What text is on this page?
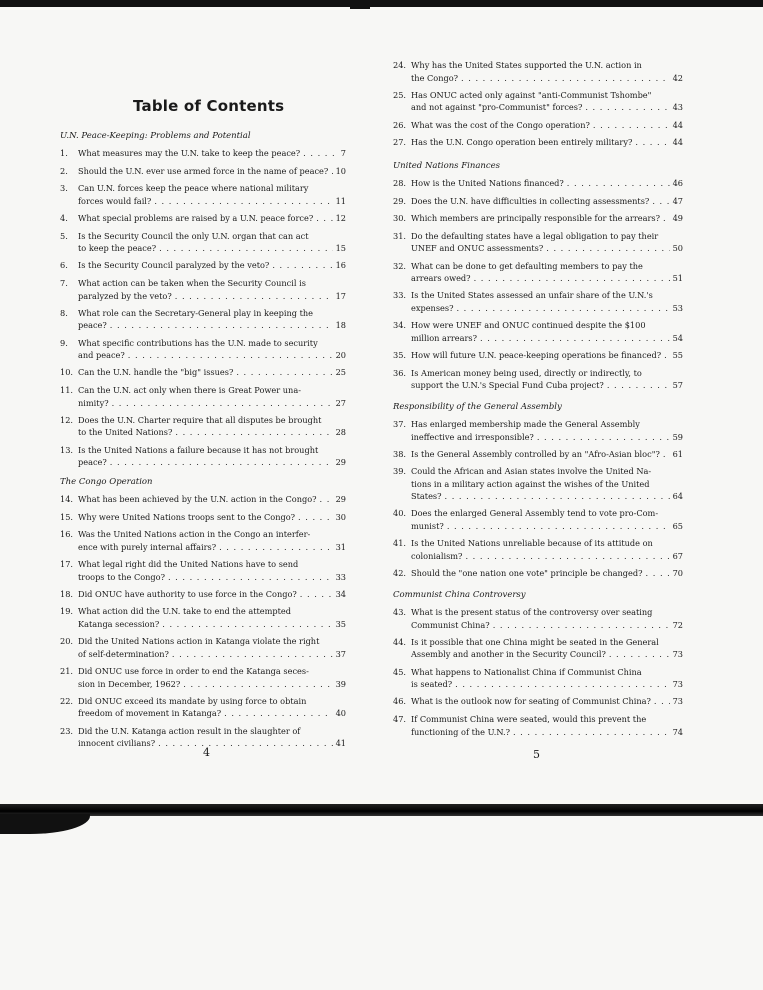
Table of Contents
U.N. Peace-Keeping: Problems and Potential
1.	What measures may the U.N. take to keep the peace? . . .	7
2.	Should the U.N. ever use armed force in the name of peace? . . . 10
3.	Can U.N. forces keep the peace where national military
forces would fail? . . .	11
4.	What special problems are raised by a U.N. peace force? . . .	12
5.	Is the Security Council the only U.N. organ that can act
to keep the peace? . . .	15
6.	Is the Security Council paralyzed by the veto? . . .	16
7.	What action can be taken when the Security Council is
paralyzed by the veto? . . .	17
8.	What role can the Secretary-General play in keeping the
peace? . . .	18
9.	What specific contributions has the U.N. made to security
and peace? . . .	20
10. Can the U.N. handle the "big" issues? . . .	25
11. Can the U.N. act only when there is Great Power una-
nimity? . . .	27
12. Does the U.N. Charter require that all disputes be brought
to the United Nations? . . .	28
13. Is the United Nations a failure because it has not brought
peace? . . .	29
The Congo Operation
14. What has been achieved by the U.N. action in the Congo? . . . 29
15. Why were United Nations troops sent to the Congo? . . .	30
16. Was the United Nations action in the Congo an interfer-
ence with purely internal affairs? . . .	31
17. What legal right did the United Nations have to send
troops to the Congo? . . .	33
18. Did ONUC have authority to use force in the Congo? . . .	34
19. What action did the U.N. take to end the attempted
Katanga secession? . . .	35
20. Did the United Nations action in Katanga violate the right
of self-determination? . . .	37
21. Did ONUC use force in order to end the Katanga seces-
sion in December, 1962? . . .	39
22. Did ONUC exceed its mandate by using force to obtain
freedom of movement in Katanga? . . .	40
23. Did the U.N. Katanga action result in the slaughter of
innocent civilians? . . .	41
24. Why has the United States supported the U.N. action in
the Congo? . . .	42
25. Has ONUC acted only against "anti-Communist Tshombe"
and not against "pro-Communist" forces? . . .	43
26. What was the cost of the Congo operation? . . .	44
27. Has the U.N. Congo operation been entirely military? . . .	44
United Nations Finances
28. How is the United Nations financed? . . .	46
29. Does the U.N. have difficulties in collecting assessments? . . .	47
30. Which members are principally responsible for the arrears? . . . 49
31. Do the defaulting states have a legal obligation to pay their
UNEF and ONUC assessments? . . .	50
32. What can be done to get defaulting members to pay the
arrears owed? . . .	51
33. Is the United States assessed an unfair share of the U.N.'s
expenses? . . .	53
34. How were UNEF and ONUC continued despite the $100
million arrears? . . .	54
35. How will future U.N. peace-keeping operations be financed? . . . 55
36. Is American money being used, directly or indirectly, to
support the U.N.'s Special Fund Cuba project? . . .	57
Responsibility of the General Assembly
37. Has enlarged membership made the General Assembly
ineffective and irresponsible? . . .	59
38. Is the General Assembly controlled by an "Afro-Asian bloc"? . . . 61
39. Could the African and Asian states involve the United Na-
tions in a military action against the wishes of the United
States? . . .	64
40. Does the enlarged General Assembly tend to vote pro-Com-
munist? . . .	65
41. Is the United Nations unreliable because of its attitude on
colonialism? . . .	67
42. Should the "one nation one vote" principle be changed? . . .	70
Communist China Controversy
43. What is the present status of the controversy over seating
Communist China? . . .	72
44. Is it possible that one China might be seated in the General
Assembly and another in the Security Council? . . .	73
45. What happens to Nationalist China if Communist China
is seated? . . .	73
46. What is the outlook now for seating of Communist China? . . .	73
47. If Communist China were seated, would this prevent the
functioning of the U.N.? . . .	74
4	5
